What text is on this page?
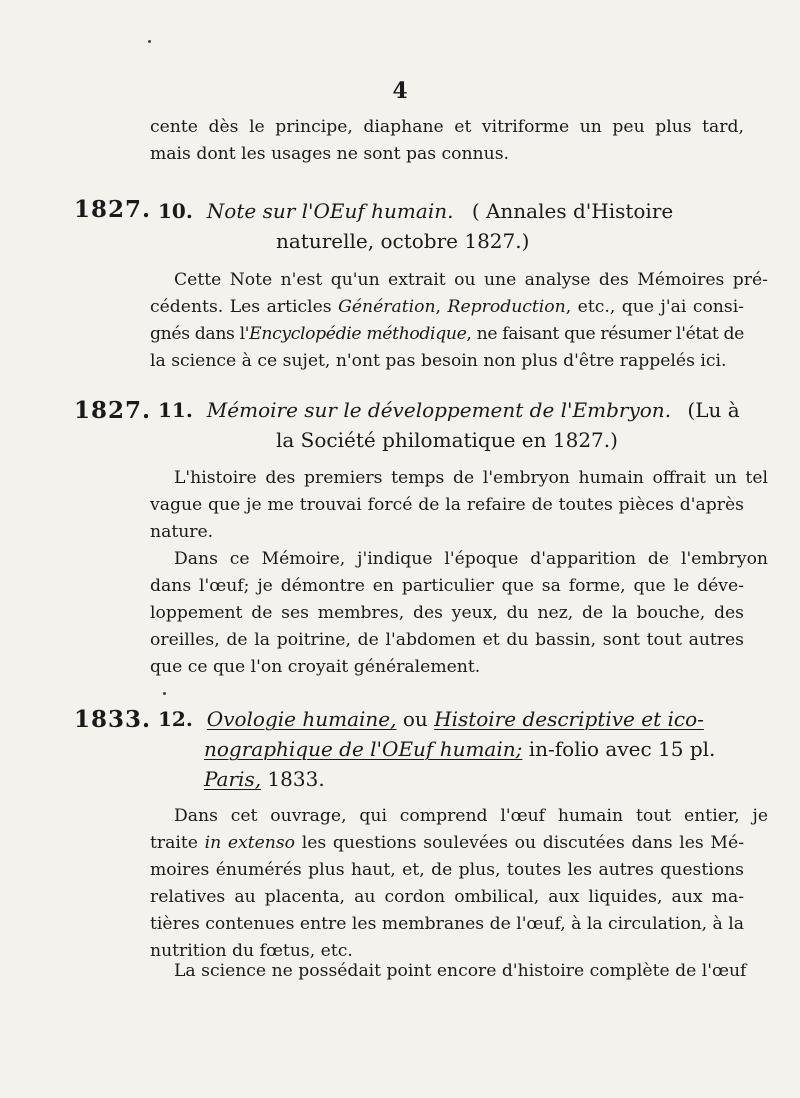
4
cente dès le principe, diaphane et vitriforme un peu plus tard,
mais dont les usages ne sont pas connus.
1827. 10. Note sur l'OEuf humain. ( Annales d'Histoire
naturelle, octobre 1827.)
Cette Note n'est qu'un extrait ou une analyse des Mémoires pré-
cédents. Les articles Génération, Reproduction, etc., que j'ai consi-
gnés dans l'Encyclopédie méthodique, ne faisant que résumer l'état de
la science à ce sujet, n'ont pas besoin non plus d'être rappelés ici.
1827. 11. Mémoire sur le développement de l'Embryon. (Lu à
la Société philomatique en 1827.)
L'histoire des premiers temps de l'embryon humain offrait un tel
vague que je me trouvai forcé de la refaire de toutes pièces d'après
nature.
Dans ce Mémoire, j'indique l'époque d'apparition de l'embryon
dans l'œuf; je démontre en particulier que sa forme, que le déve-
loppement de ses membres, des yeux, du nez, de la bouche, des
oreilles, de la poitrine, de l'abdomen et du bassin, sont tout autres
que ce que l'on croyait généralement.
1833. 12. Ovologie humaine, ou Histoire descriptive et ico-
nographique de l'OEuf humain; in-folio avec 15 pl.
Paris, 1833.
Dans cet ouvrage, qui comprend l'œuf humain tout entier, je
traite in extenso les questions soulevées ou discutées dans les Mé-
moires énumérés plus haut, et, de plus, toutes les autres questions
relatives au placenta, au cordon ombilical, aux liquides, aux ma-
tières contenues entre les membranes de l'œuf, à la circulation, à la
nutrition du fœtus, etc.
La science ne possédait point encore d'histoire complète de l'œuf
